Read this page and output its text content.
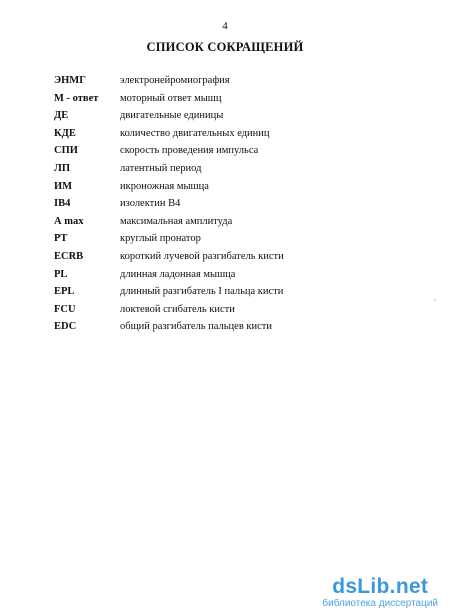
4
СПИСОК СОКРАЩЕНИЙ
ЭНМГ	электронейромиография
М - ответ	моторный ответ мышц
ДЕ	двигательные единицы
КДЕ	количество двигательных единиц
СПИ	скорость проведения импульса
ЛП	латентный период
ИМ	икроножная мышца
IB4	изолектин В4
А max	максимальная амплитуда
PT	круглый пронатор
ECRB	короткий лучевой разгибатель кисти
PL	длинная ладонная мышца
EPL	длинный разгибатель I пальца кисти
FCU	локтевой сгибатель кисти
EDC	общий разгибатель пальцев кисти
dsLib.net
библиотека диссертаций
